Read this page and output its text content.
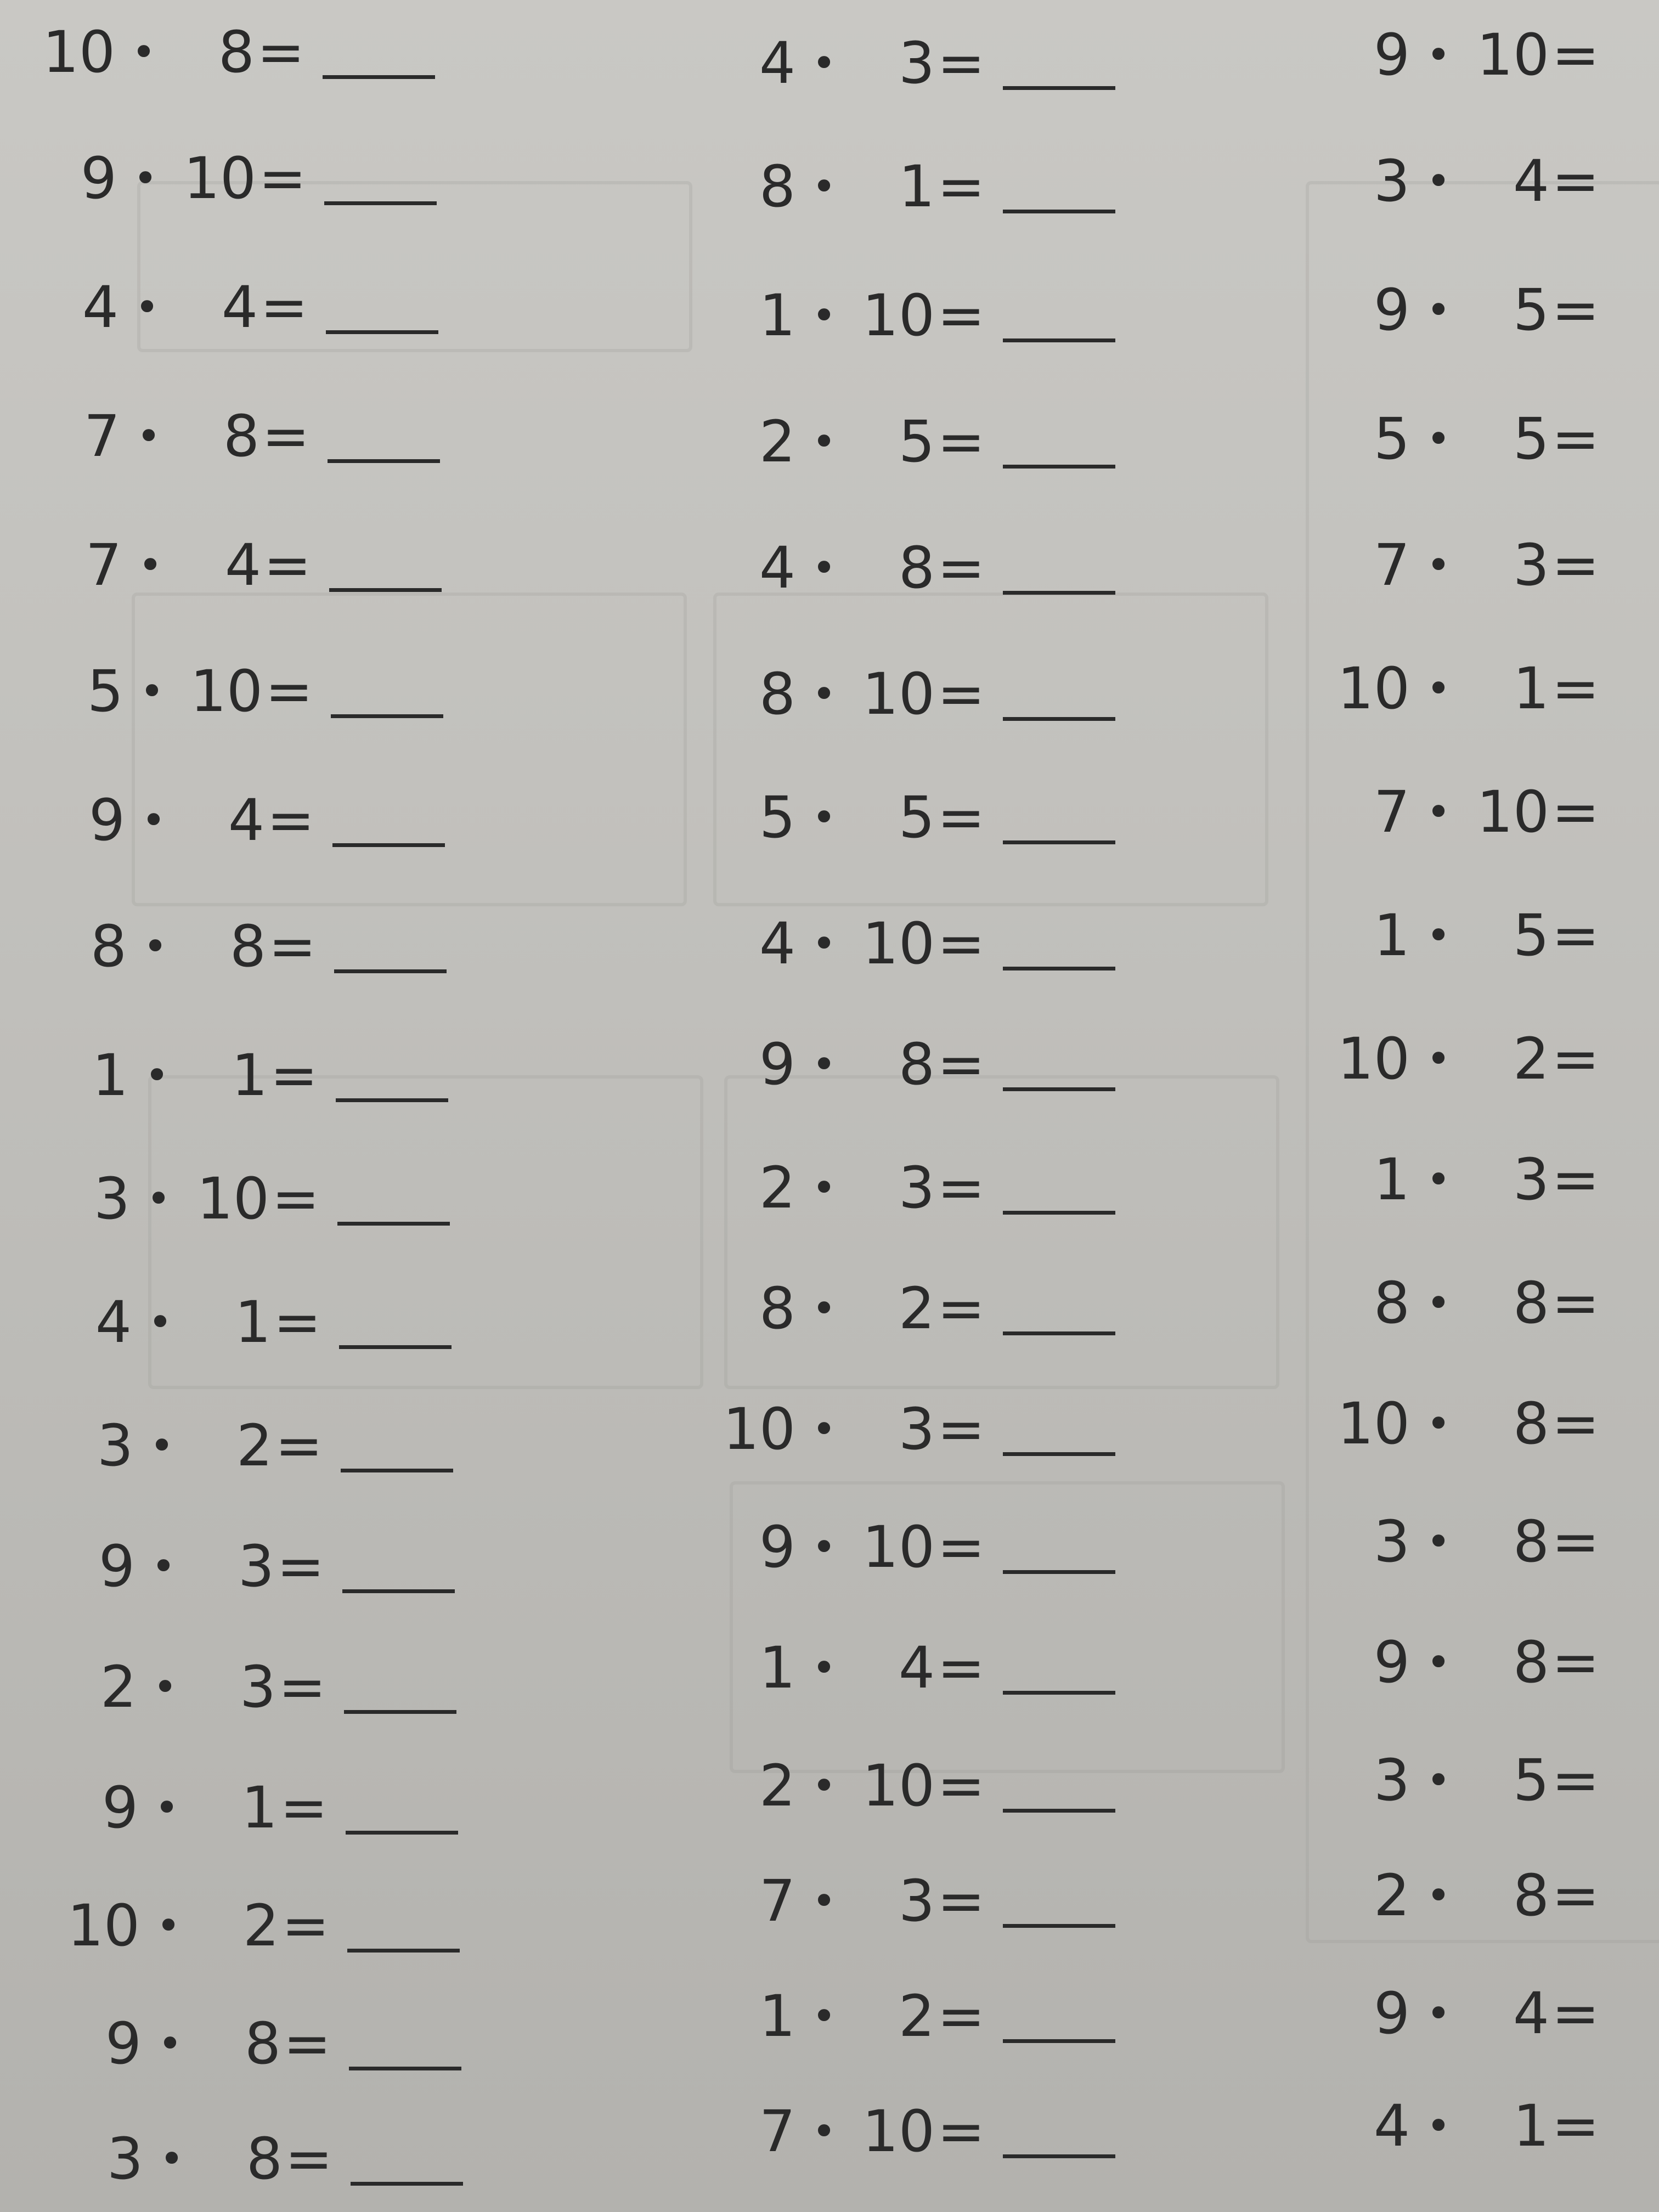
10 •	8 =
9 • 10 =
4 •	4 =
7 •	8 =
7 •	4 =
5 • 10 =
9 •	4 =
8 •	8 =
1 •	1 =
3 • 10 =
4 •	1 =
3 •	2 =
9 •	3 =
2 •	3 =
9 •	1 =
10 •	2 =
9 •	8 =
3 •	8 =
4 •	3 =
8 •	1 =
1 • 10 =
2 •	5 =
4 •	8 =
8 • 10 =
5 •	5 =
4 • 10 =
9 •	8 =
2 •	3 =
8 •	2 =
10 •	3 =
9 • 10 =
1 •	4 =
2 • 10 =
7 •	3 =
1 •	2 =
7 • 10 =
9 • 10 =
3 •	4 =
9 •	5 =
5 •	5 =
7 •	3 =
10 •	1 =
7 • 10 =
1 •	5 =
10 •	2 =
1 •	3 =
8 •	8 =
10 •	8 =
3 •	8 =
9 •	8 =
3 •	5 =
2 •	8 =
9 •	4 =
4 •	1 =
